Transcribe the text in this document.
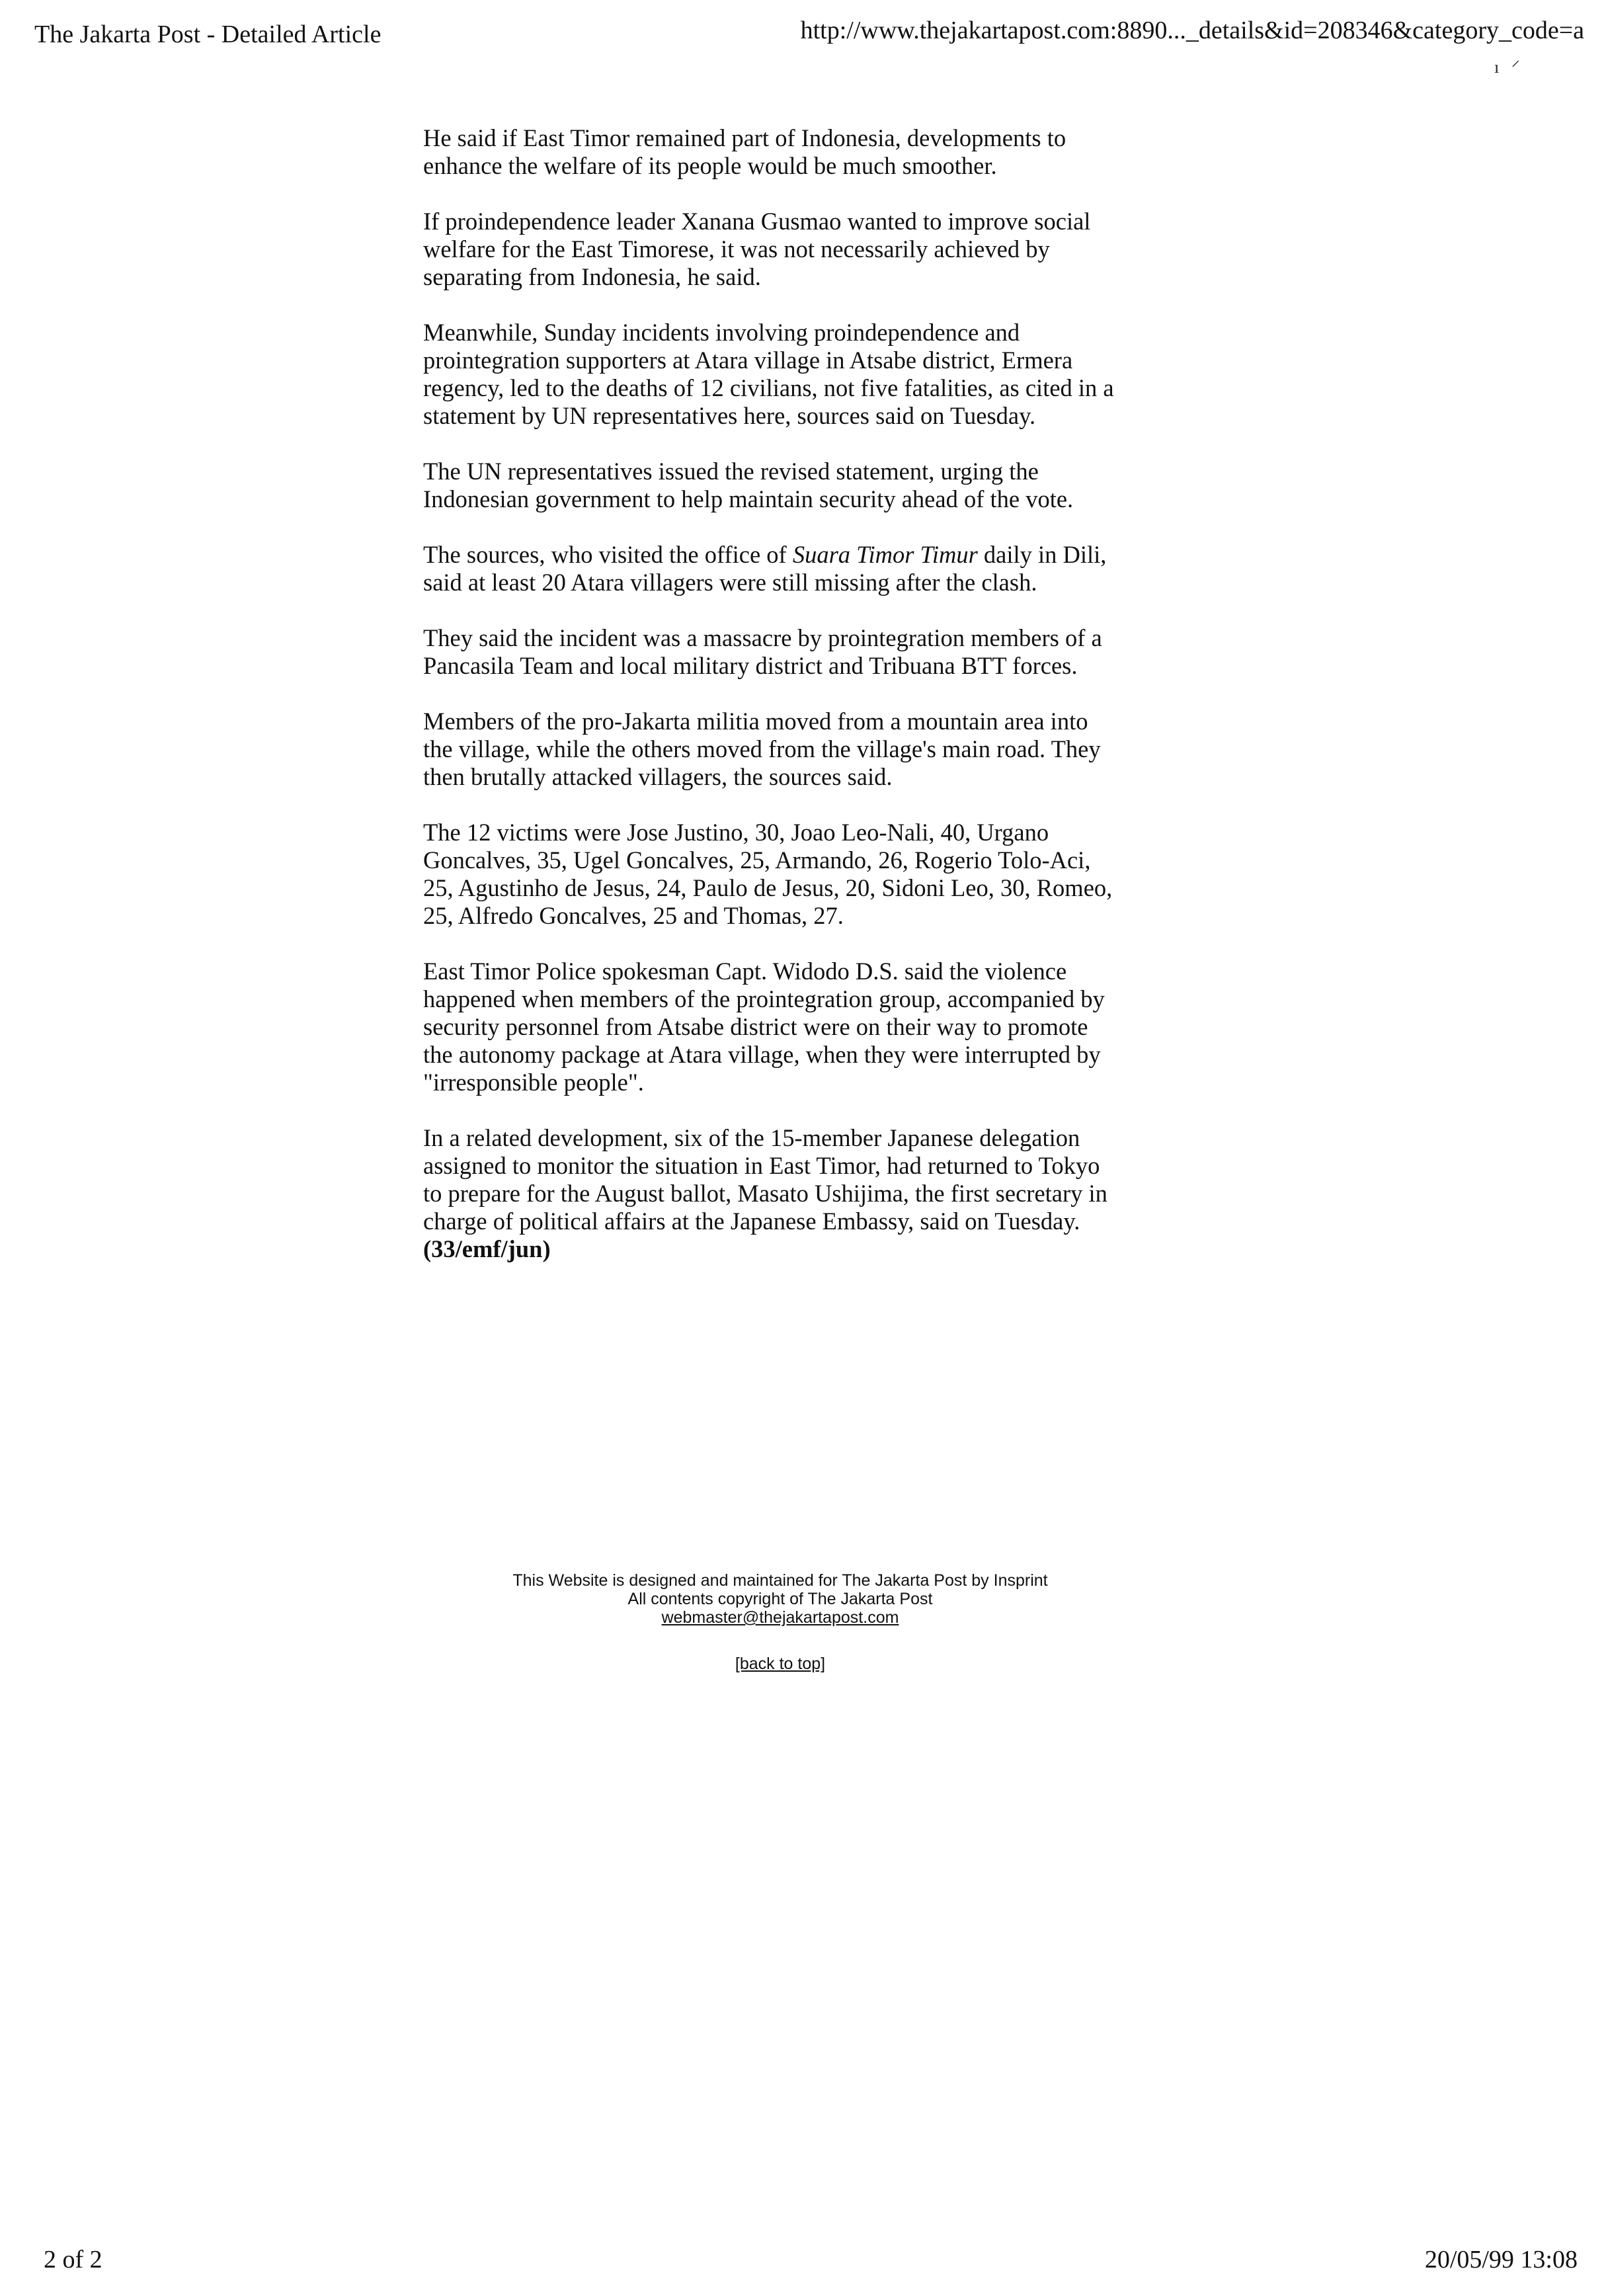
The Jakarta Post - Detailed Article	http://www.thejakartapost.com:8890..._details&id=208346&category_code=a
ı ⸍

He said if East Timor remained part of Indonesia, developments to enhance the welfare of its people would be much smoother.

If proindependence leader Xanana Gusmao wanted to improve social welfare for the East Timorese, it was not necessarily achieved by separating from Indonesia, he said.

Meanwhile, Sunday incidents involving proindependence and prointegration supporters at Atara village in Atsabe district, Ermera regency, led to the deaths of 12 civilians, not five fatalities, as cited in a statement by UN representatives here, sources said on Tuesday.

The UN representatives issued the revised statement, urging the Indonesian government to help maintain security ahead of the vote.

The sources, who visited the office of Suara Timor Timur daily in Dili, said at least 20 Atara villagers were still missing after the clash.

They said the incident was a massacre by prointegration members of a Pancasila Team and local military district and Tribuana BTT forces.

Members of the pro-Jakarta militia moved from a mountain area into the village, while the others moved from the village's main road. They then brutally attacked villagers, the sources said.

The 12 victims were Jose Justino, 30, Joao Leo-Nali, 40, Urgano Goncalves, 35, Ugel Goncalves, 25, Armando, 26, Rogerio Tolo-Aci, 25, Agustinho de Jesus, 24, Paulo de Jesus, 20, Sidoni Leo, 30, Romeo, 25, Alfredo Goncalves, 25 and Thomas, 27.

East Timor Police spokesman Capt. Widodo D.S. said the violence happened when members of the prointegration group, accompanied by security personnel from Atsabe district were on their way to promote the autonomy package at Atara village, when they were interrupted by "irresponsible people".

In a related development, six of the 15-member Japanese delegation assigned to monitor the situation in East Timor, had returned to Tokyo to prepare for the August ballot, Masato Ushijima, the first secretary in charge of political affairs at the Japanese Embassy, said on Tuesday.
(33/emf/jun)

This Website is designed and maintained for The Jakarta Post by Insprint
All contents copyright of The Jakarta Post
webmaster@thejakartapost.com
[back to top]
2 of 2	20/05/99 13:08
